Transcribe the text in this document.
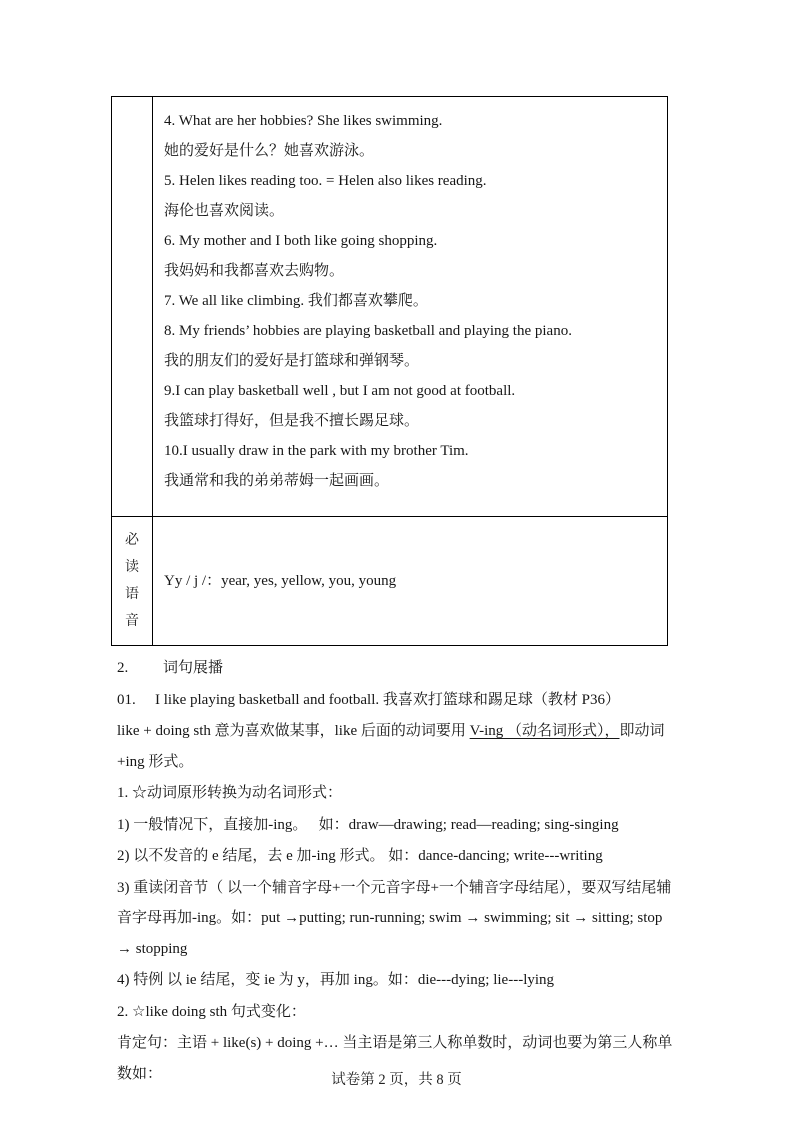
4. What are her hobbies? She likes swimming.

她的爱好是什么？她喜欢游泳。

5. Helen likes reading too. = Helen also likes reading.

海伦也喜欢阅读。

6. My mother and I both like going shopping.

我妈妈和我都喜欢去购物。

7. We all like climbing. 我们都喜欢攀爬。

8. My friends’ hobbies are playing basketball and playing the piano.

我的朋友们的爱好是打篮球和弹钢琴。

9.I can play basketball well , but I am not good at football.

我篮球打得好，但是我不擅长踢足球。

10.I usually draw in the park with my brother Tim.

我通常和我的弟弟蒂姆一起画画。

必
读
语
音

Yy / j /：year, yes, yellow, you, young

2. 词句展播

01. I like playing basketball and football. 我喜欢打篮球和踢足球（教材 P36）

like + doing sth 意为喜欢做某事，like 后面的动词要用 V-ing （动名词形式），即动词+ing 形式。

1. ☆动词原形转换为动名词形式：

1) 一般情况下，直接加-ing。　 如：draw—drawing; read—reading; sing-singing

2) 以不发音的 e 结尾，去 e 加-ing 形式。 如：dance-dancing; write---writing

3) 重读闭音节（ 以一个辅音字母+一个元音字母+一个辅音字母结尾），要双写结尾辅音字母再加-ing。如：put →putting; run-running; swim → swimming; sit → sitting; stop → stopping

4) 特例 以 ie 结尾，变 ie 为 y，再加 ing。如：die---dying; lie---lying

2. ☆like doing sth 句式变化：

肯定句：主语 + like(s) + doing +… 当主语是第三人称单数时，动词也要为第三人称单数如：	试卷第 2 页，共 8 页
